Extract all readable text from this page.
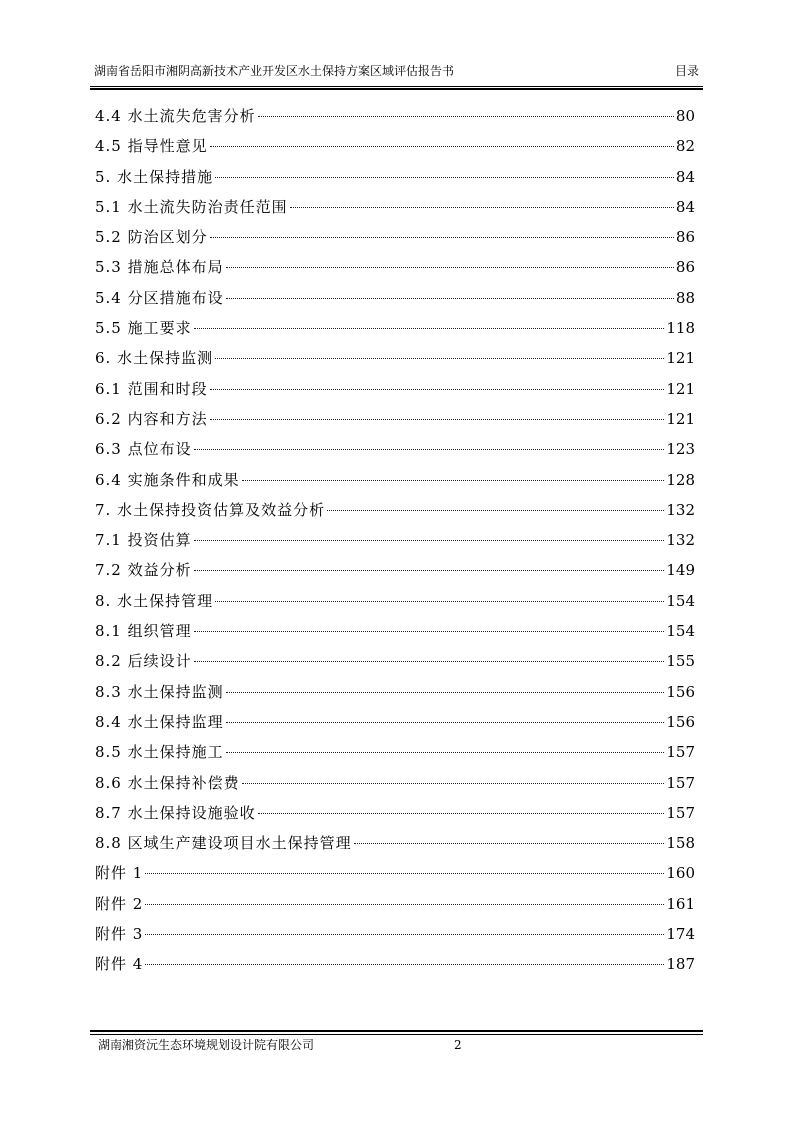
湖南省岳阳市湘阴高新技术产业开发区水土保持方案区域评估报告书	目录
4.4 水土流失危害分析	80
4.5 指导性意见	82
5. 水土保持措施	84
5.1 水土流失防治责任范围	84
5.2 防治区划分	86
5.3 措施总体布局	86
5.4 分区措施布设	88
5.5 施工要求	118
6. 水土保持监测	121
6.1 范围和时段	121
6.2 内容和方法	121
6.3 点位布设	123
6.4 实施条件和成果	128
7. 水土保持投资估算及效益分析	132
7.1 投资估算	132
7.2 效益分析	149
8. 水土保持管理	154
8.1 组织管理	154
8.2 后续设计	155
8.3 水土保持监测	156
8.4 水土保持监理	156
8.5 水土保持施工	157
8.6 水土保持补偿费	157
8.7 水土保持设施验收	157
8.8 区域生产建设项目水土保持管理	158
附件 1	160
附件 2	161
附件 3	174
附件 4	187
湖南湘资沅生态环境规划设计院有限公司	2
